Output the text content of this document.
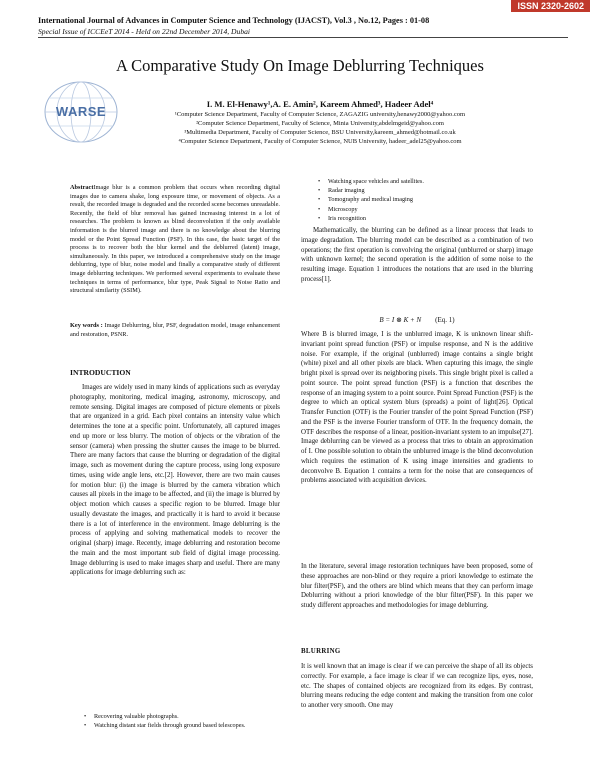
ISSN 2320-2602
International Journal of Advances in Computer Science and Technology (IJACST), Vol.3 , No.12, Pages : 01-08
Special Issue of ICCEeT 2014 - Held on 22nd December 2014, Dubai
A Comparative Study On Image Deblurring Techniques
WARSE	I. M. El-Henawy¹,A. E. Amin², Kareem Ahmed³, Hadeer Adel⁴
¹Computer Science Department, Faculty of Computer Science, ZAGAZIG university,henawy2000@yahoo.com
²Computer Science Department, Faculty of Science, Minia University,abdelmgeid@yahoo.com
³Multimedia Department, Faculty of Computer Science, BSU University,kareem_ahmed@hotmail.co.uk
⁴Computer Science Department, Faculty of Computer Science, NUB University, hadeer_adel25@yahoo.com
AbstractImage blur is a common problem that occurs when recording digital images due to camera shake, long exposure time, or movement of objects. As a result, the recorded image is degraded and the recorded scene becomes unreadable. Recently, the field of blur removal has gained increasing interest in a lot of researches. The problem is known as blind deconvolution if the only available information is the blurred image and there is no knowledge about the blurring model or the Point Spread Function (PSF). In this case, the basic target of the process is to recover both the blur kernel and the deblurred (latent) image, simultaneously. In this paper, we introduced a comprehensive study on the image deblurring, type of blur, noise model and finally a comparative study of different image deblurring techniques. We performed several experiments to evaluate these techniques in terms of performance, blur type, Peak Signal to Noise Ratio and structural similarity (SSIM).
Key words : Image Deblurring, blur, PSF, degradation model, image enhancement and restoration, PSNR.
INTRODUCTION
Images are widely used in many kinds of applications such as everyday photography, monitoring, medical imaging, astronomy, microscopy, and remote sensing. Digital images are composed of picture elements or pixels that are organized in a grid. Each pixel contains an intensity value which determines the tone at a specific point. Unfortunately, all captured images end up more or less blurry. The motion of objects or the vibration of the sensor (camera) when pressing the shutter causes the image to be blurred. There are many factors that cause the blurring or degradation of the digital image, such as movement during the capture process, using long exposure times, using wide angle lens, etc.[2]. However, there are two main causes for motion blur: (i) the image is blurred by the camera vibration which causes all pixels in the image to be affected, and (ii) the image is blurred by object motion which causes a specific region to be blurred. Image blur usually devastate the images, and practically it is hard to avoid it because there is a lot of interference in the environment. Image deblurring is the process of applying and solving mathematical models to recover the original (sharp) image. Recently, image deblurring and restoration become the main and the most important sub field of digital image processing. Image deblurring is used to make images sharp and useful. There are many applications for image deblurring such as:
• Recovering valuable photographs.
• Watching distant star fields through ground based telescopes.
• Watching space vehicles and satellites.
• Radar imaging
• Tomography and medical imaging
• Microscopy
• Iris recognition
Mathematically, the blurring can be defined as a linear process that leads to image degradation. The blurring model can be described as a combination of two operations; the first operation is convolving the original (unblurred or sharp) image with unknown kernel; the second operation is the addition of some noise to the resulting image. Equation 1 introduces the notations that are used in the blurring process[1].
B = I ⊗ K + N (Eq. 1)
Where B is blurred image, I is the unblurred image, K is unknown linear shift-invariant point spread function (PSF) or impulse response, and N is the additive noise. For example, if the original (unblurred) image contains a single bright (white) pixel and all other pixels are black. When capturing this image, the single bright pixel is spread over its neighboring pixels. This single bright pixel is called a point source. The point spread function (PSF) is a function that describes the response of an imaging system to a point source. Point Spread Function (PSF) is the degree to which an optical system blurs (spreads) a point of light[26]. Optical Transfer Function (OTF) is the Fourier transfer of the point Spread Function (PSF) and the PSF is the inverse Fourier transform of OTF. In the frequency domain, the OTF describes the response of a linear, position-invariant system to an impulse[27]. Image deblurring can be viewed as a process that tries to obtain an approximation of I. One possible solution to obtain the unblurred image is the blind deconvolution which requires the estimation of K using image intensities and gradients to deconvolve B. Equation 1 contains a term for the noise that are consequences of problems associated with acquisition devices.
In the literature, several image restoration techniques have been proposed, some of these approaches are non-blind or they require a priori knowledge to estimate the blur filter(PSF), and the others are blind which means that they can perform image Deblurring without a priori knowledge of the blur filter(PSF). In this paper we study different approaches and methodologies for image deblurring.
BLURRING
It is well known that an image is clear if we can perceive the shape of all its objects correctly. For example, a face image is clear if we can recognize lips, eyes, nose, etc. The shapes of contained objects are recognized from its edges. By contrast, blurring means reducing the edge content and making the transition from one color to another very smooth. One may
